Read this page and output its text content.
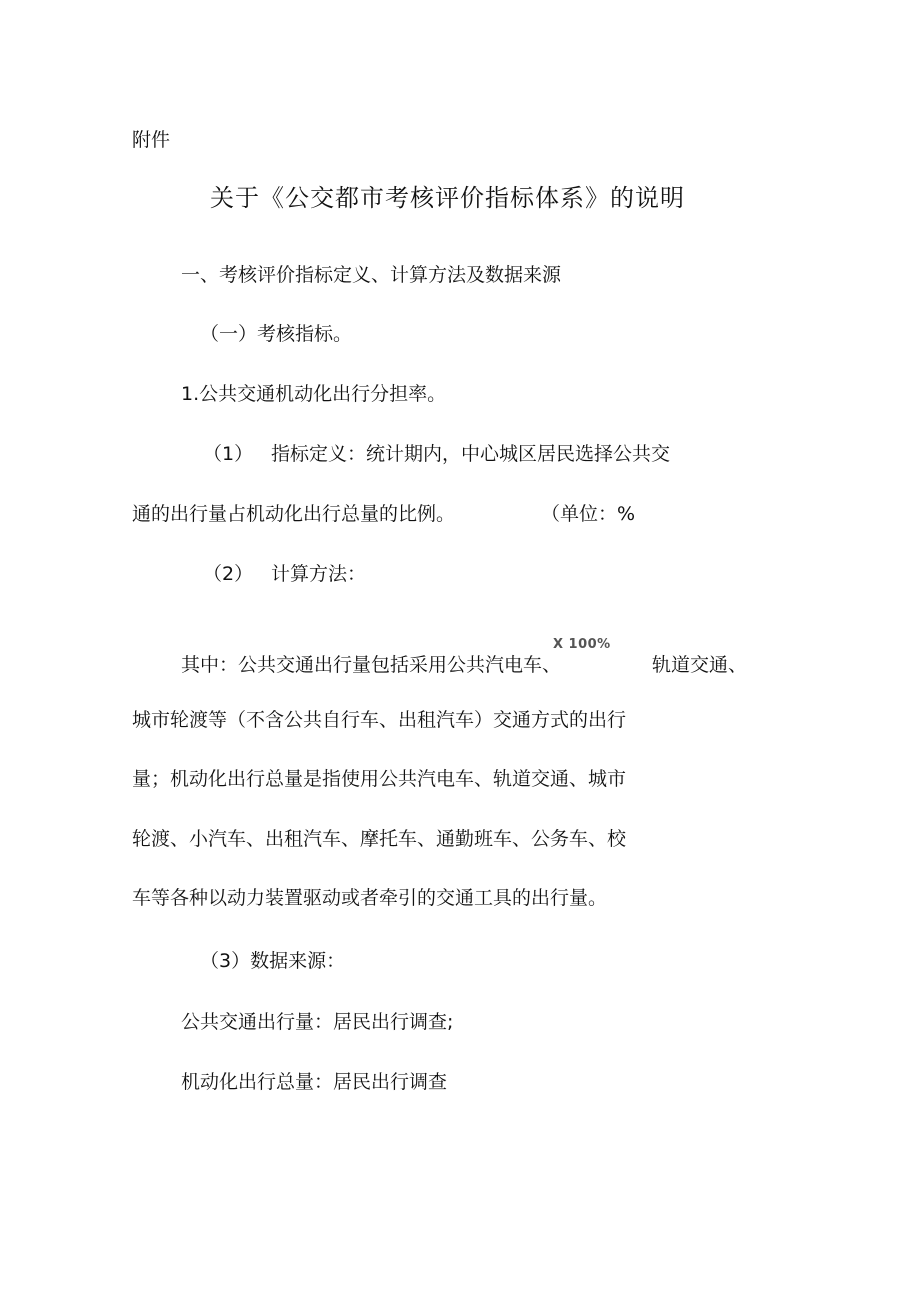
附件
关于《公交都市考核评价指标体系》的说明
一、考核评价指标定义、计算方法及数据来源
（一）考核指标。
1.公共交通机动化出行分担率。
（1） 指标定义：统计期内，中心城区居民选择公共交
通的出行量占机动化出行总量的比例。	（单位：%
（2） 计算方法：
X 100%
其中：公共交通出行量包括采用公共汽电车、	轨道交通、
城市轮渡等（不含公共自行车、出租汽车）交通方式的出行
量；机动化出行总量是指使用公共汽电车、轨道交通、城市
轮渡、小汽车、出租汽车、摩托车、通勤班车、公务车、校
车等各种以动力装置驱动或者牵引的交通工具的出行量。
（3）数据来源：
公共交通出行量：居民出行调查;
机动化出行总量：居民出行调查
